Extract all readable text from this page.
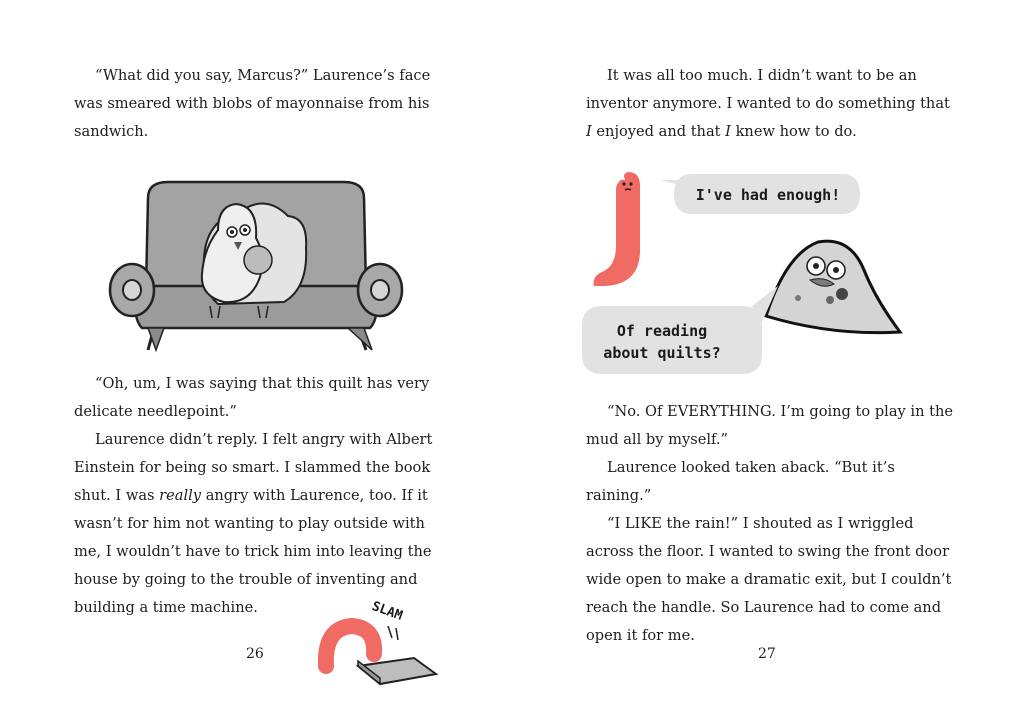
“What did you say, Marcus?” Laurence’s face was smeared with blobs of mayonnaise from his sandwich.

“Oh, um, I was saying that this quilt has very delicate needlepoint.”

Laurence didn’t reply. I felt angry with Albert Einstein for being so smart. I slammed the book shut. I was really angry with Laurence, too. If it wasn’t for him not wanting to play outside with me, I wouldn’t have to trick him into leaving the house by going to the trouble of inventing and building a time machine.

26
SLAM

It was all too much. I didn’t want to be an inventor anymore. I wanted to do something that I enjoyed and that I knew how to do.

I've had enough!
Of reading
about quilts?

“No. Of EVERYTHING. I’m going to play in the mud all by myself.”

Laurence looked taken aback. “But it’s raining.”

“I LIKE the rain!” I shouted as I wriggled across the floor. I wanted to swing the front door wide open to make a dramatic exit, but I couldn’t reach the handle. So Laurence had to come and open it for me.

27
